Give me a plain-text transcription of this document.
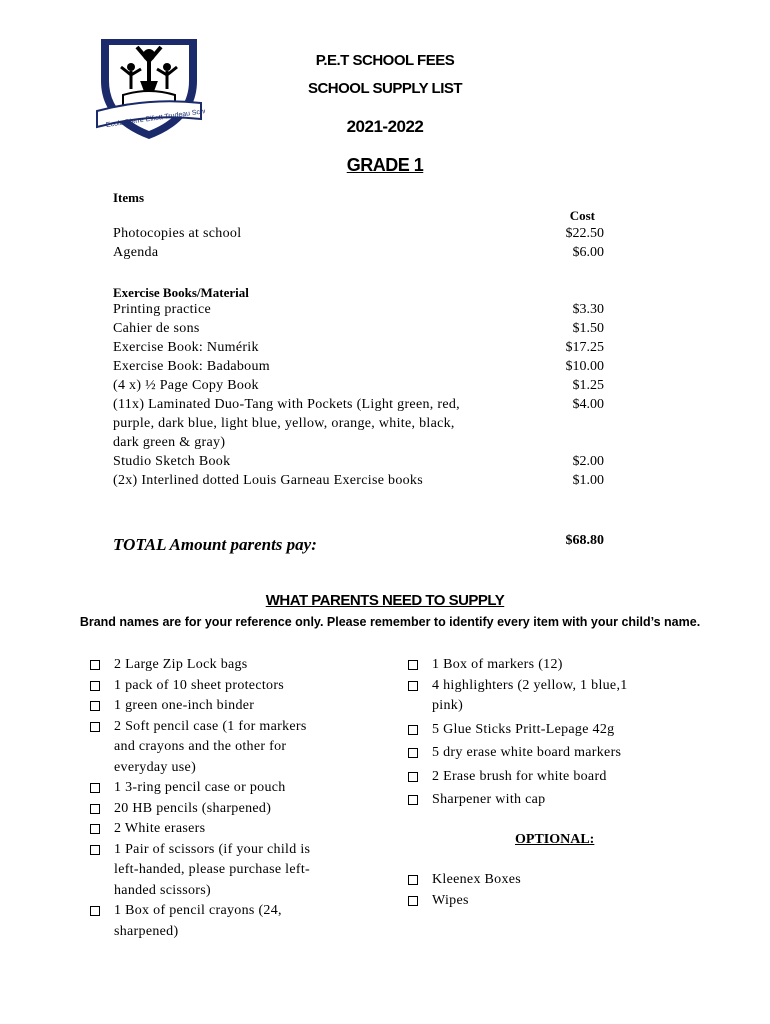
Ecole Pierre Elliott Trudeau School
P.E.T SCHOOL FEES
SCHOOL SUPPLY LIST
2021-2022
GRADE 1
Items
Cost
Photocopies at school	$22.50
Agenda	$6.00
Exercise Books/Material
Printing practice	$3.30
Cahier de sons	$1.50
Exercise Book: Numérik	$17.25
Exercise Book: Badaboum	$10.00
(4 x) ½ Page Copy Book	$1.25
(11x) Laminated Duo-Tang with Pockets (Light green, red,	$4.00
purple, dark blue, light blue, yellow, orange, white, black,
dark green & gray)
Studio Sketch Book	$2.00
(2x) Interlined dotted Louis Garneau Exercise books	$1.00
TOTAL Amount parents pay:	$68.80
WHAT PARENTS NEED TO SUPPLY
Brand names are for your reference only. Please remember to identify every item with your child’s name.
2 Large Zip Lock bags
1 pack of 10 sheet protectors
1 green one-inch binder
2 Soft pencil case (1 for markers
and crayons and the other for
everyday use)
1 3-ring pencil case or pouch
20 HB pencils (sharpened)
2 White erasers
1 Pair of scissors (if your child is
left-handed, please purchase left-
handed scissors)
1 Box of pencil crayons (24,
sharpened)
1 Box of markers (12)
4 highlighters (2 yellow, 1 blue,1
pink)
5 Glue Sticks Pritt-Lepage 42g
5 dry erase white board markers
2 Erase brush for white board
Sharpener with cap
OPTIONAL:
Kleenex Boxes
Wipes
